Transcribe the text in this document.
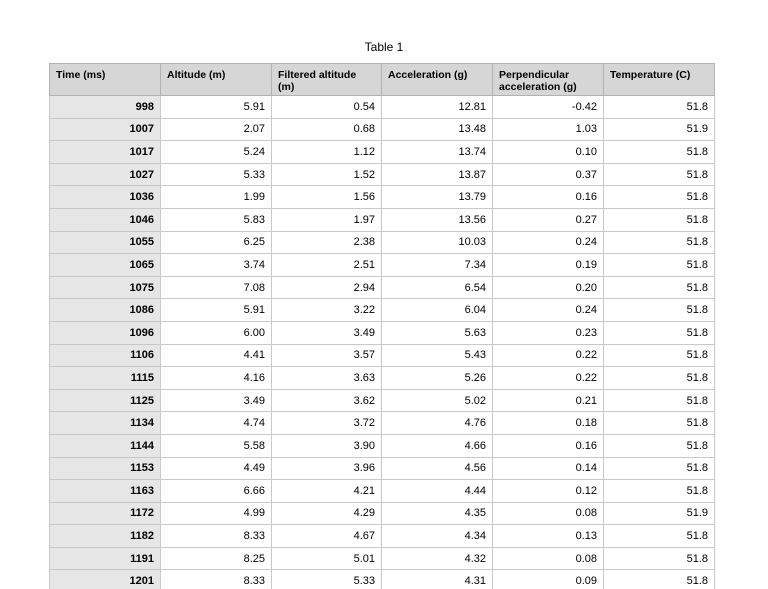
Table 1
Time (ms)	Altitude (m)	Filtered altitude (m)	Acceleration (g)	Perpendicular acceleration (g)	Temperature (C)
998	5.91	0.54	12.81	-0.42	51.8
1007	2.07	0.68	13.48	1.03	51.9
1017	5.24	1.12	13.74	0.10	51.8
1027	5.33	1.52	13.87	0.37	51.8
1036	1.99	1.56	13.79	0.16	51.8
1046	5.83	1.97	13.56	0.27	51.8
1055	6.25	2.38	10.03	0.24	51.8
1065	3.74	2.51	7.34	0.19	51.8
1075	7.08	2.94	6.54	0.20	51.8
1086	5.91	3.22	6.04	0.24	51.8
1096	6.00	3.49	5.63	0.23	51.8
1106	4.41	3.57	5.43	0.22	51.8
1115	4.16	3.63	5.26	0.22	51.8
1125	3.49	3.62	5.02	0.21	51.8
1134	4.74	3.72	4.76	0.18	51.8
1144	5.58	3.90	4.66	0.16	51.8
1153	4.49	3.96	4.56	0.14	51.8
1163	6.66	4.21	4.44	0.12	51.8
1172	4.99	4.29	4.35	0.08	51.9
1182	8.33	4.67	4.34	0.13	51.8
1191	8.25	5.01	4.32	0.08	51.8
1201	8.33	5.33	4.31	0.09	51.8
